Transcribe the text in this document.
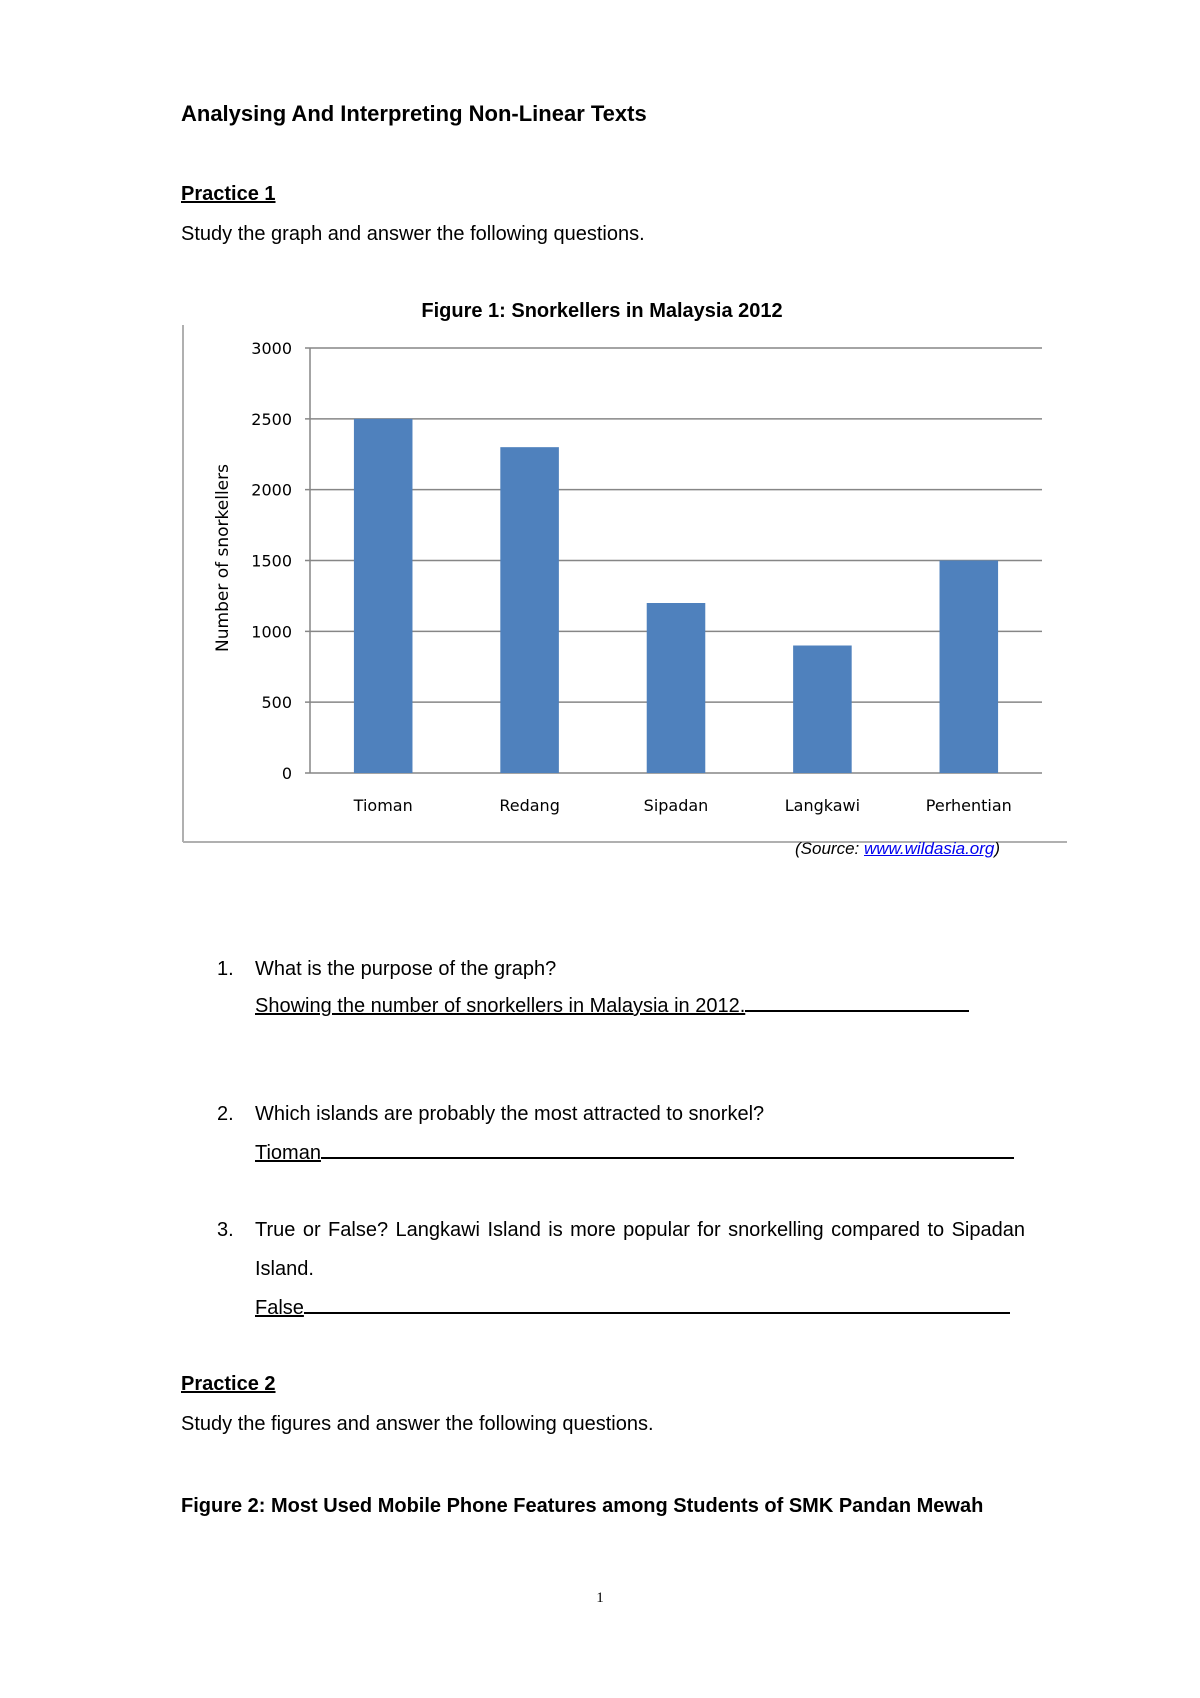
Analysing And Interpreting Non-Linear Texts
Practice 1
Study the graph and answer the following questions.
Figure 1: Snorkellers in Malaysia 2012
0
500
1000
1500
2000
2500
3000
Tioman	Redang	Sipadan	Langkawi	Perhentian
Number of snorkellers
(Source: www.wildasia.org)
1. What is the purpose of the graph?
Showing the number of snorkellers in Malaysia in 2012.
2. Which islands are probably the most attracted to snorkel?
Tioman
3. True or False? Langkawi Island is more popular for snorkelling compared to Sipadan Island.
False
Practice 2
Study the figures and answer the following questions.
Figure 2: Most Used Mobile Phone Features among Students of SMK Pandan Mewah
1
